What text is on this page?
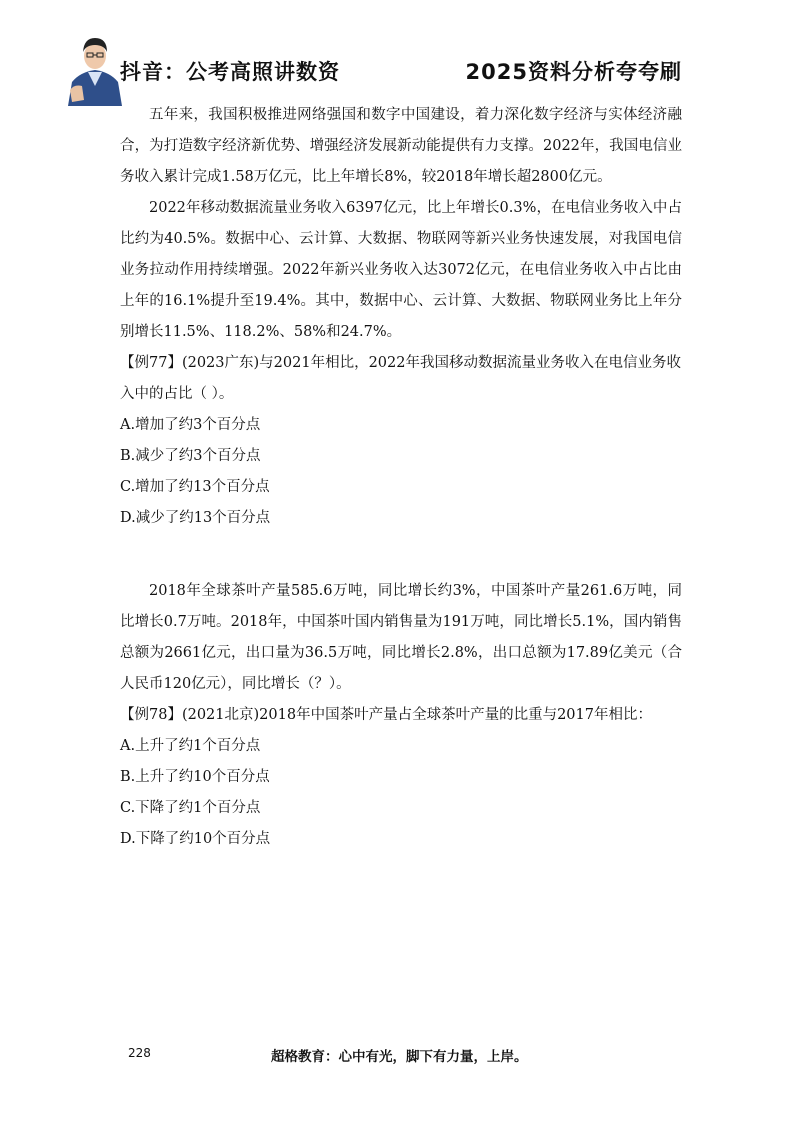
抖音：公考高照讲数资	2025资料分析夸夸刷

五年来，我国积极推进网络强国和数字中国建设，着力深化数字经济与实体经济融合，为打造数字经济新优势、增强经济发展新动能提供有力支撑。2022年，我国电信业务收入累计完成1.58万亿元，比上年增长8%，较2018年增长超2800亿元。

2022年移动数据流量业务收入6397亿元，比上年增长0.3%，在电信业务收入中占比约为40.5%。数据中心、云计算、大数据、物联网等新兴业务快速发展，对我国电信业务拉动作用持续增强。2022年新兴业务收入达3072亿元，在电信业务收入中占比由上年的16.1%提升至19.4%。其中，数据中心、云计算、大数据、物联网业务比上年分别增长11.5%、118.2%、58%和24.7%。

【例77】(2023广东)与2021年相比，2022年我国移动数据流量业务收入在电信业务收入中的占比（ ）。

A.增加了约3个百分点

B.减少了约3个百分点

C.增加了约13个百分点

D.减少了约13个百分点

2018年全球茶叶产量585.6万吨，同比增长约3%，中国茶叶产量261.6万吨，同比增长0.7万吨。2018年，中国茶叶国内销售量为191万吨，同比增长5.1%，国内销售总额为2661亿元，出口量为36.5万吨，同比增长2.8%，出口总额为17.89亿美元（合人民币120亿元），同比增长（？）。

【例78】(2021北京)2018年中国茶叶产量占全球茶叶产量的比重与2017年相比：

A.上升了约1个百分点

B.上升了约10个百分点

C.下降了约1个百分点

D.下降了约10个百分点

228	超格教育：心中有光，脚下有力量，上岸。
